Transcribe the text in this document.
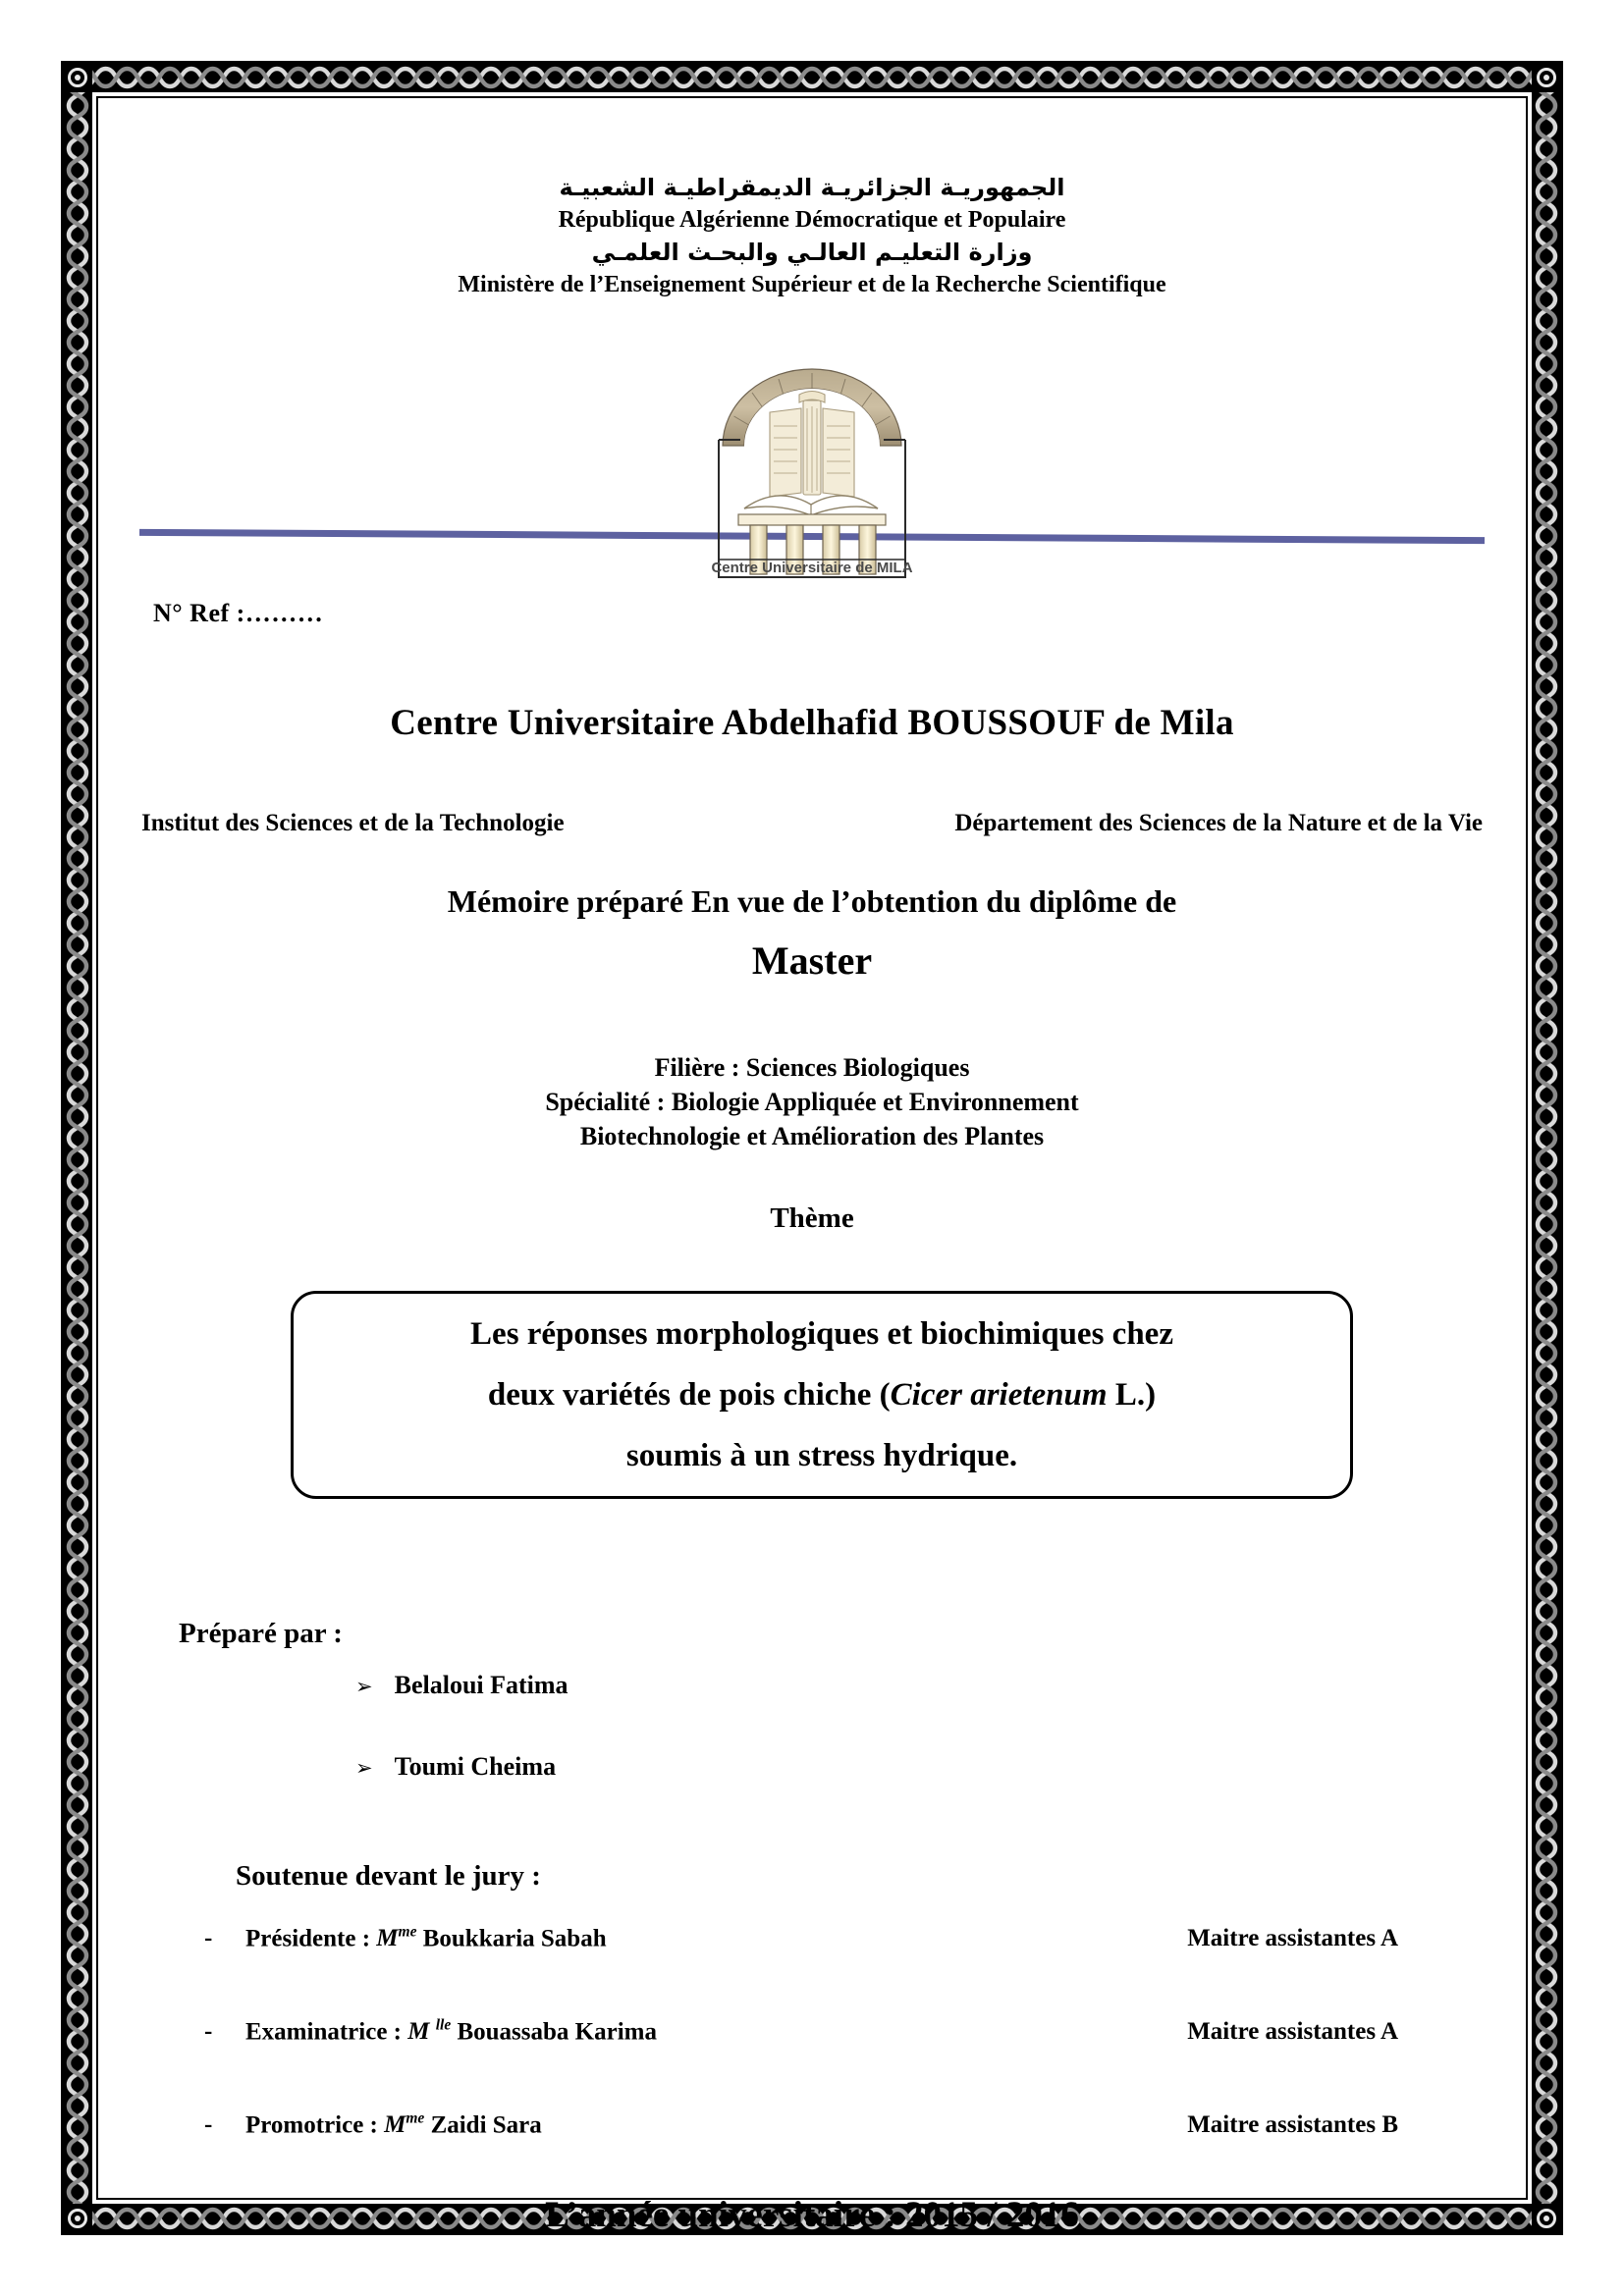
الجمهوريـة الجزائريـة الديمقراطيـة الشعبيـة
République Algérienne Démocratique et Populaire
وزارة التعليـم العالـي والبحـث العلمـي
Ministère de l’Enseignement Supérieur et de la Recherche Scientifique
Centre Universitaire de MILA
N° Ref :………
Centre Universitaire Abdelhafid BOUSSOUF de Mila
Institut des Sciences et de la Technologie	Département des Sciences de la Nature et de la Vie
Mémoire préparé En vue de l’obtention du diplôme de
Master
Filière : Sciences Biologiques
Spécialité : Biologie Appliquée et Environnement
Biotechnologie et Amélioration des Plantes
Thème
Les réponses morphologiques et biochimiques chez
deux variétés de pois chiche (Cicer arietenum L.)
soumis à un stress hydrique.
Préparé par :
➢ Belaloui Fatima
➢ Toumi Cheima
Soutenue devant le jury :
-	Présidente : $M^{me}$ Boukkaria Sabah	Maitre assistantes A
-	Examinatrice : M $^{lle}$ Bouassaba Karima	Maitre assistantes A
-	Promotrice : $M^{me}$ Zaidi Sara	Maitre assistantes B
L’année universitaire : 2015 / 2016
